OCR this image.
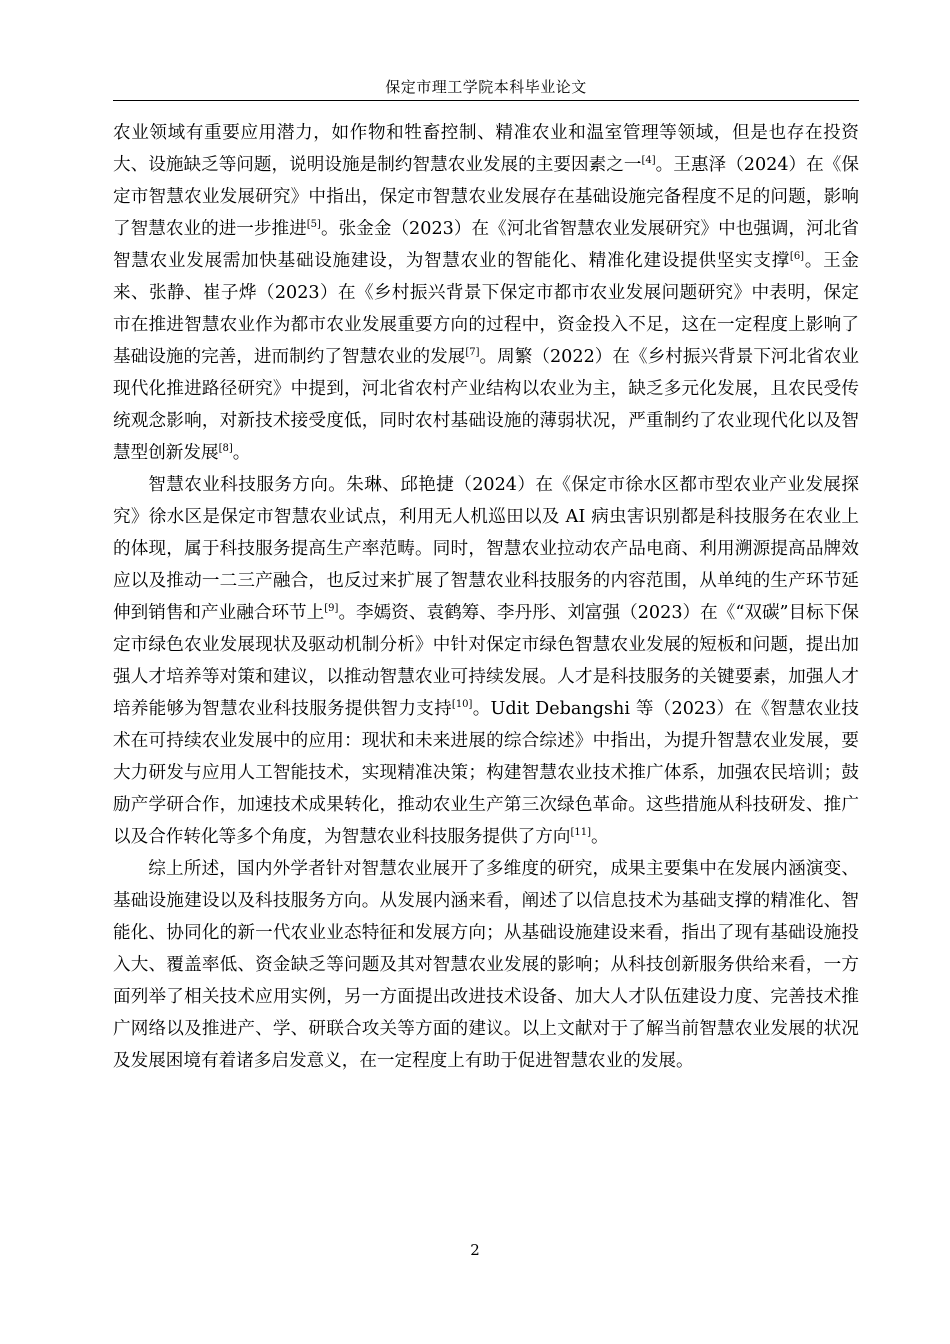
保定市理工学院本科毕业论文

农业领域有重要应用潜力，如作物和牲畜控制、精准农业和温室管理等领域，但是也存在投资大、设施缺乏等问题，说明设施是制约智慧农业发展的主要因素之一[4]。王惠泽（2024）在《保定市智慧农业发展研究》中指出，保定市智慧农业发展存在基础设施完备程度不足的问题，影响了智慧农业的进一步推进[5]。张金金（2023）在《河北省智慧农业发展研究》中也强调，河北省智慧农业发展需加快基础设施建设，为智慧农业的智能化、精准化建设提供坚实支撑[6]。王金来、张静、崔子烨（2023）在《乡村振兴背景下保定市都市农业发展问题研究》中表明，保定市在推进智慧农业作为都市农业发展重要方向的过程中，资金投入不足，这在一定程度上影响了基础设施的完善，进而制约了智慧农业的发展[7]。周繁（2022）在《乡村振兴背景下河北省农业现代化推进路径研究》中提到，河北省农村产业结构以农业为主，缺乏多元化发展，且农民受传统观念影响，对新技术接受度低，同时农村基础设施的薄弱状况，严重制约了农业现代化以及智慧型创新发展[8]。

智慧农业科技服务方向。朱琳、邱艳捷（2024）在《保定市徐水区都市型农业产业发展探究》徐水区是保定市智慧农业试点，利用无人机巡田以及 AI 病虫害识别都是科技服务在农业上的体现，属于科技服务提高生产率范畴。同时，智慧农业拉动农产品电商、利用溯源提高品牌效应以及推动一二三产融合，也反过来扩展了智慧农业科技服务的内容范围，从单纯的生产环节延伸到销售和产业融合环节上[9]。李嫣资、袁鹤筹、李丹彤、刘富强（2023）在《“双碳”目标下保定市绿色农业发展现状及驱动机制分析》中针对保定市绿色智慧农业发展的短板和问题，提出加强人才培养等对策和建议，以推动智慧农业可持续发展。人才是科技服务的关键要素，加强人才培养能够为智慧农业科技服务提供智力支持[10]。Udit Debangshi 等（2023）在《智慧农业技术在可持续农业发展中的应用：现状和未来进展的综合综述》中指出，为提升智慧农业发展，要大力研发与应用人工智能技术，实现精准决策；构建智慧农业技术推广体系，加强农民培训；鼓励产学研合作，加速技术成果转化，推动农业生产第三次绿色革命。这些措施从科技研发、推广以及合作转化等多个角度，为智慧农业科技服务提供了方向[11]。

综上所述，国内外学者针对智慧农业展开了多维度的研究，成果主要集中在发展内涵演变、基础设施建设以及科技服务方向。从发展内涵来看，阐述了以信息技术为基础支撑的精准化、智能化、协同化的新一代农业业态特征和发展方向；从基础设施建设来看，指出了现有基础设施投入大、覆盖率低、资金缺乏等问题及其对智慧农业发展的影响；从科技创新服务供给来看，一方面列举了相关技术应用实例，另一方面提出改进技术设备、加大人才队伍建设力度、完善技术推广网络以及推进产、学、研联合攻关等方面的建议。以上文献对于了解当前智慧农业发展的状况及发展困境有着诸多启发意义，在一定程度上有助于促进智慧农业的发展。

2
